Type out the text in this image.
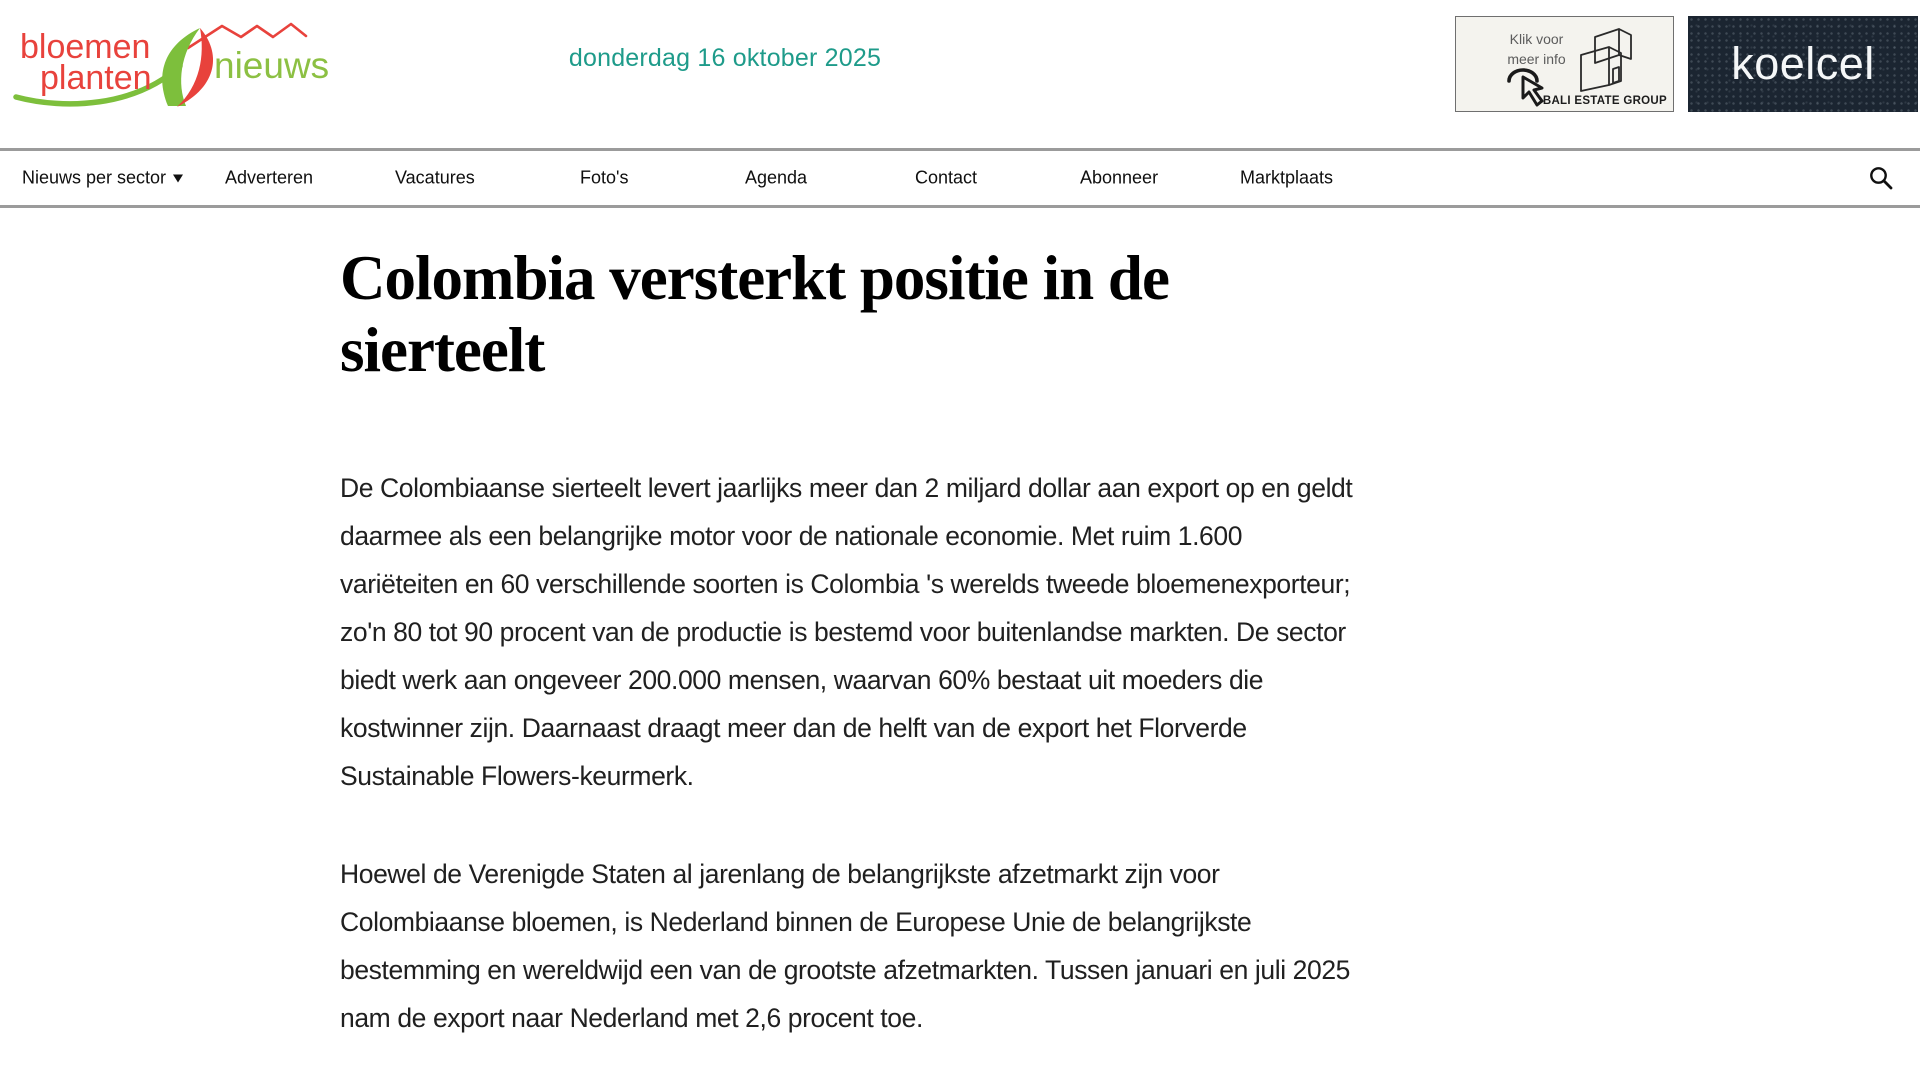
bloemen
planten nieuws	donderdag 16 oktober 2025
Klik voor
meer info
BALI ESTATE GROUP
koelcel
Nieuws per sector	Adverteren	Vacatures	Foto's	Agenda	Contact	Abonneer	Marktplaats
Colombia versterkt positie in de sierteelt

De Colombiaanse sierteelt levert jaarlijks meer dan 2 miljard dollar aan export op en geldt daarmee als een belangrijke motor voor de nationale economie. Met ruim 1.600 variëteiten en 60 verschillende soorten is Colombia 's werelds tweede bloemenexporteur; zo'n 80 tot 90 procent van de productie is bestemd voor buitenlandse markten. De sector biedt werk aan ongeveer 200.000 mensen, waarvan 60% bestaat uit moeders die kostwinner zijn. Daarnaast draagt meer dan de helft van de export het Florverde Sustainable Flowers-keurmerk.

Hoewel de Verenigde Staten al jarenlang de belangrijkste afzetmarkt zijn voor Colombiaanse bloemen, is Nederland binnen de Europese Unie de belangrijkste bestemming en wereldwijd een van de grootste afzetmarkten. Tussen januari en juli 2025 nam de export naar Nederland met 2,6 procent toe.
